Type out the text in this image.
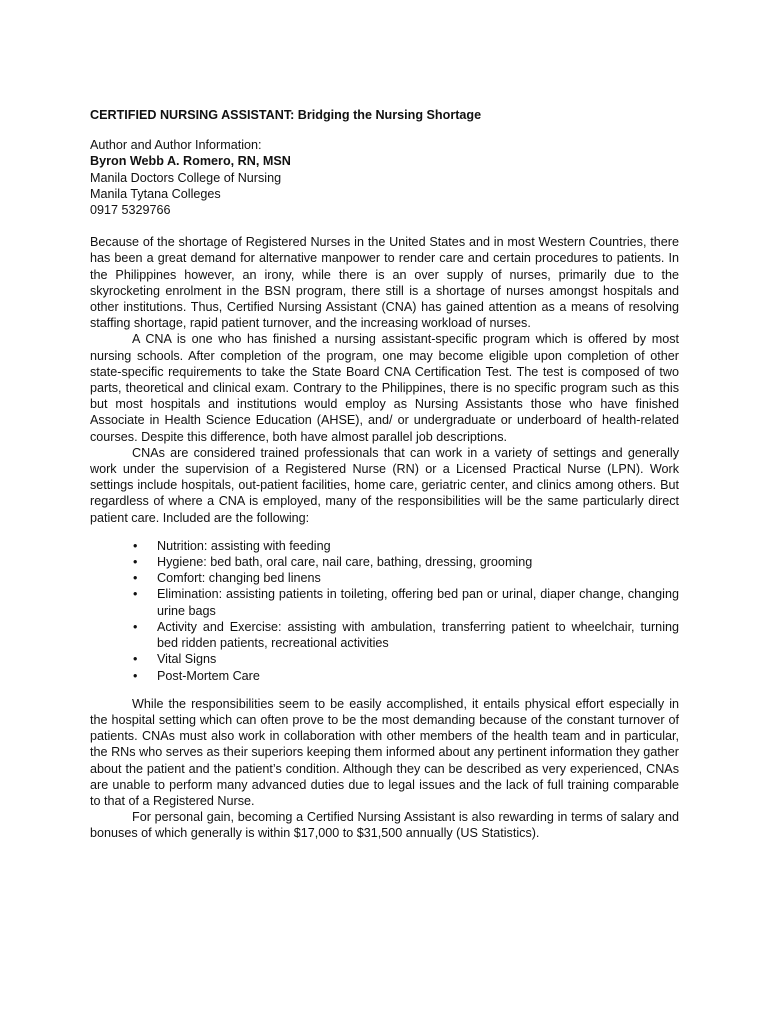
CERTIFIED NURSING ASSISTANT: Bridging the Nursing Shortage
Author and Author Information:
Byron Webb A. Romero, RN, MSN
Manila Doctors College of Nursing
Manila Tytana Colleges
0917 5329766

Because of the shortage of Registered Nurses in the United States and in most Western Countries, there has been a great demand for alternative manpower to render care and certain procedures to patients. In the Philippines however, an irony, while there is an over supply of nurses, primarily due to the skyrocketing enrolment in the BSN program, there still is a shortage of nurses amongst hospitals and other institutions. Thus, Certified Nursing Assistant (CNA) has gained attention as a means of resolving staffing shortage, rapid patient turnover, and the increasing workload of nurses.

A CNA is one who has finished a nursing assistant-specific program which is offered by most nursing schools. After completion of the program, one may become eligible upon completion of other state-specific requirements to take the State Board CNA Certification Test. The test is composed of two parts, theoretical and clinical exam. Contrary to the Philippines, there is no specific program such as this but most hospitals and institutions would employ as Nursing Assistants those who have finished Associate in Health Science Education (AHSE), and/ or undergraduate or underboard of health-related courses. Despite this difference, both have almost parallel job descriptions.

CNAs are considered trained professionals that can work in a variety of settings and generally work under the supervision of a Registered Nurse (RN) or a Licensed Practical Nurse (LPN). Work settings include hospitals, out-patient facilities, home care, geriatric center, and clinics among others. But regardless of where a CNA is employed, many of the responsibilities will be the same particularly direct patient care. Included are the following:

• Nutrition: assisting with feeding
• Hygiene: bed bath, oral care, nail care, bathing, dressing, grooming
• Comfort: changing bed linens
• Elimination: assisting patients in toileting, offering bed pan or urinal, diaper change, changing urine bags
• Activity and Exercise: assisting with ambulation, transferring patient to wheelchair, turning bed ridden patients, recreational activities
• Vital Signs
• Post-Mortem Care

While the responsibilities seem to be easily accomplished, it entails physical effort especially in the hospital setting which can often prove to be the most demanding because of the constant turnover of patients. CNAs must also work in collaboration with other members of the health team and in particular, the RNs who serves as their superiors keeping them informed about any pertinent information they gather about the patient and the patient’s condition. Although they can be described as very experienced, CNAs are unable to perform many advanced duties due to legal issues and the lack of full training comparable to that of a Registered Nurse.

For personal gain, becoming a Certified Nursing Assistant is also rewarding in terms of salary and bonuses of which generally is within $17,000 to $31,500 annually (US Statistics).
